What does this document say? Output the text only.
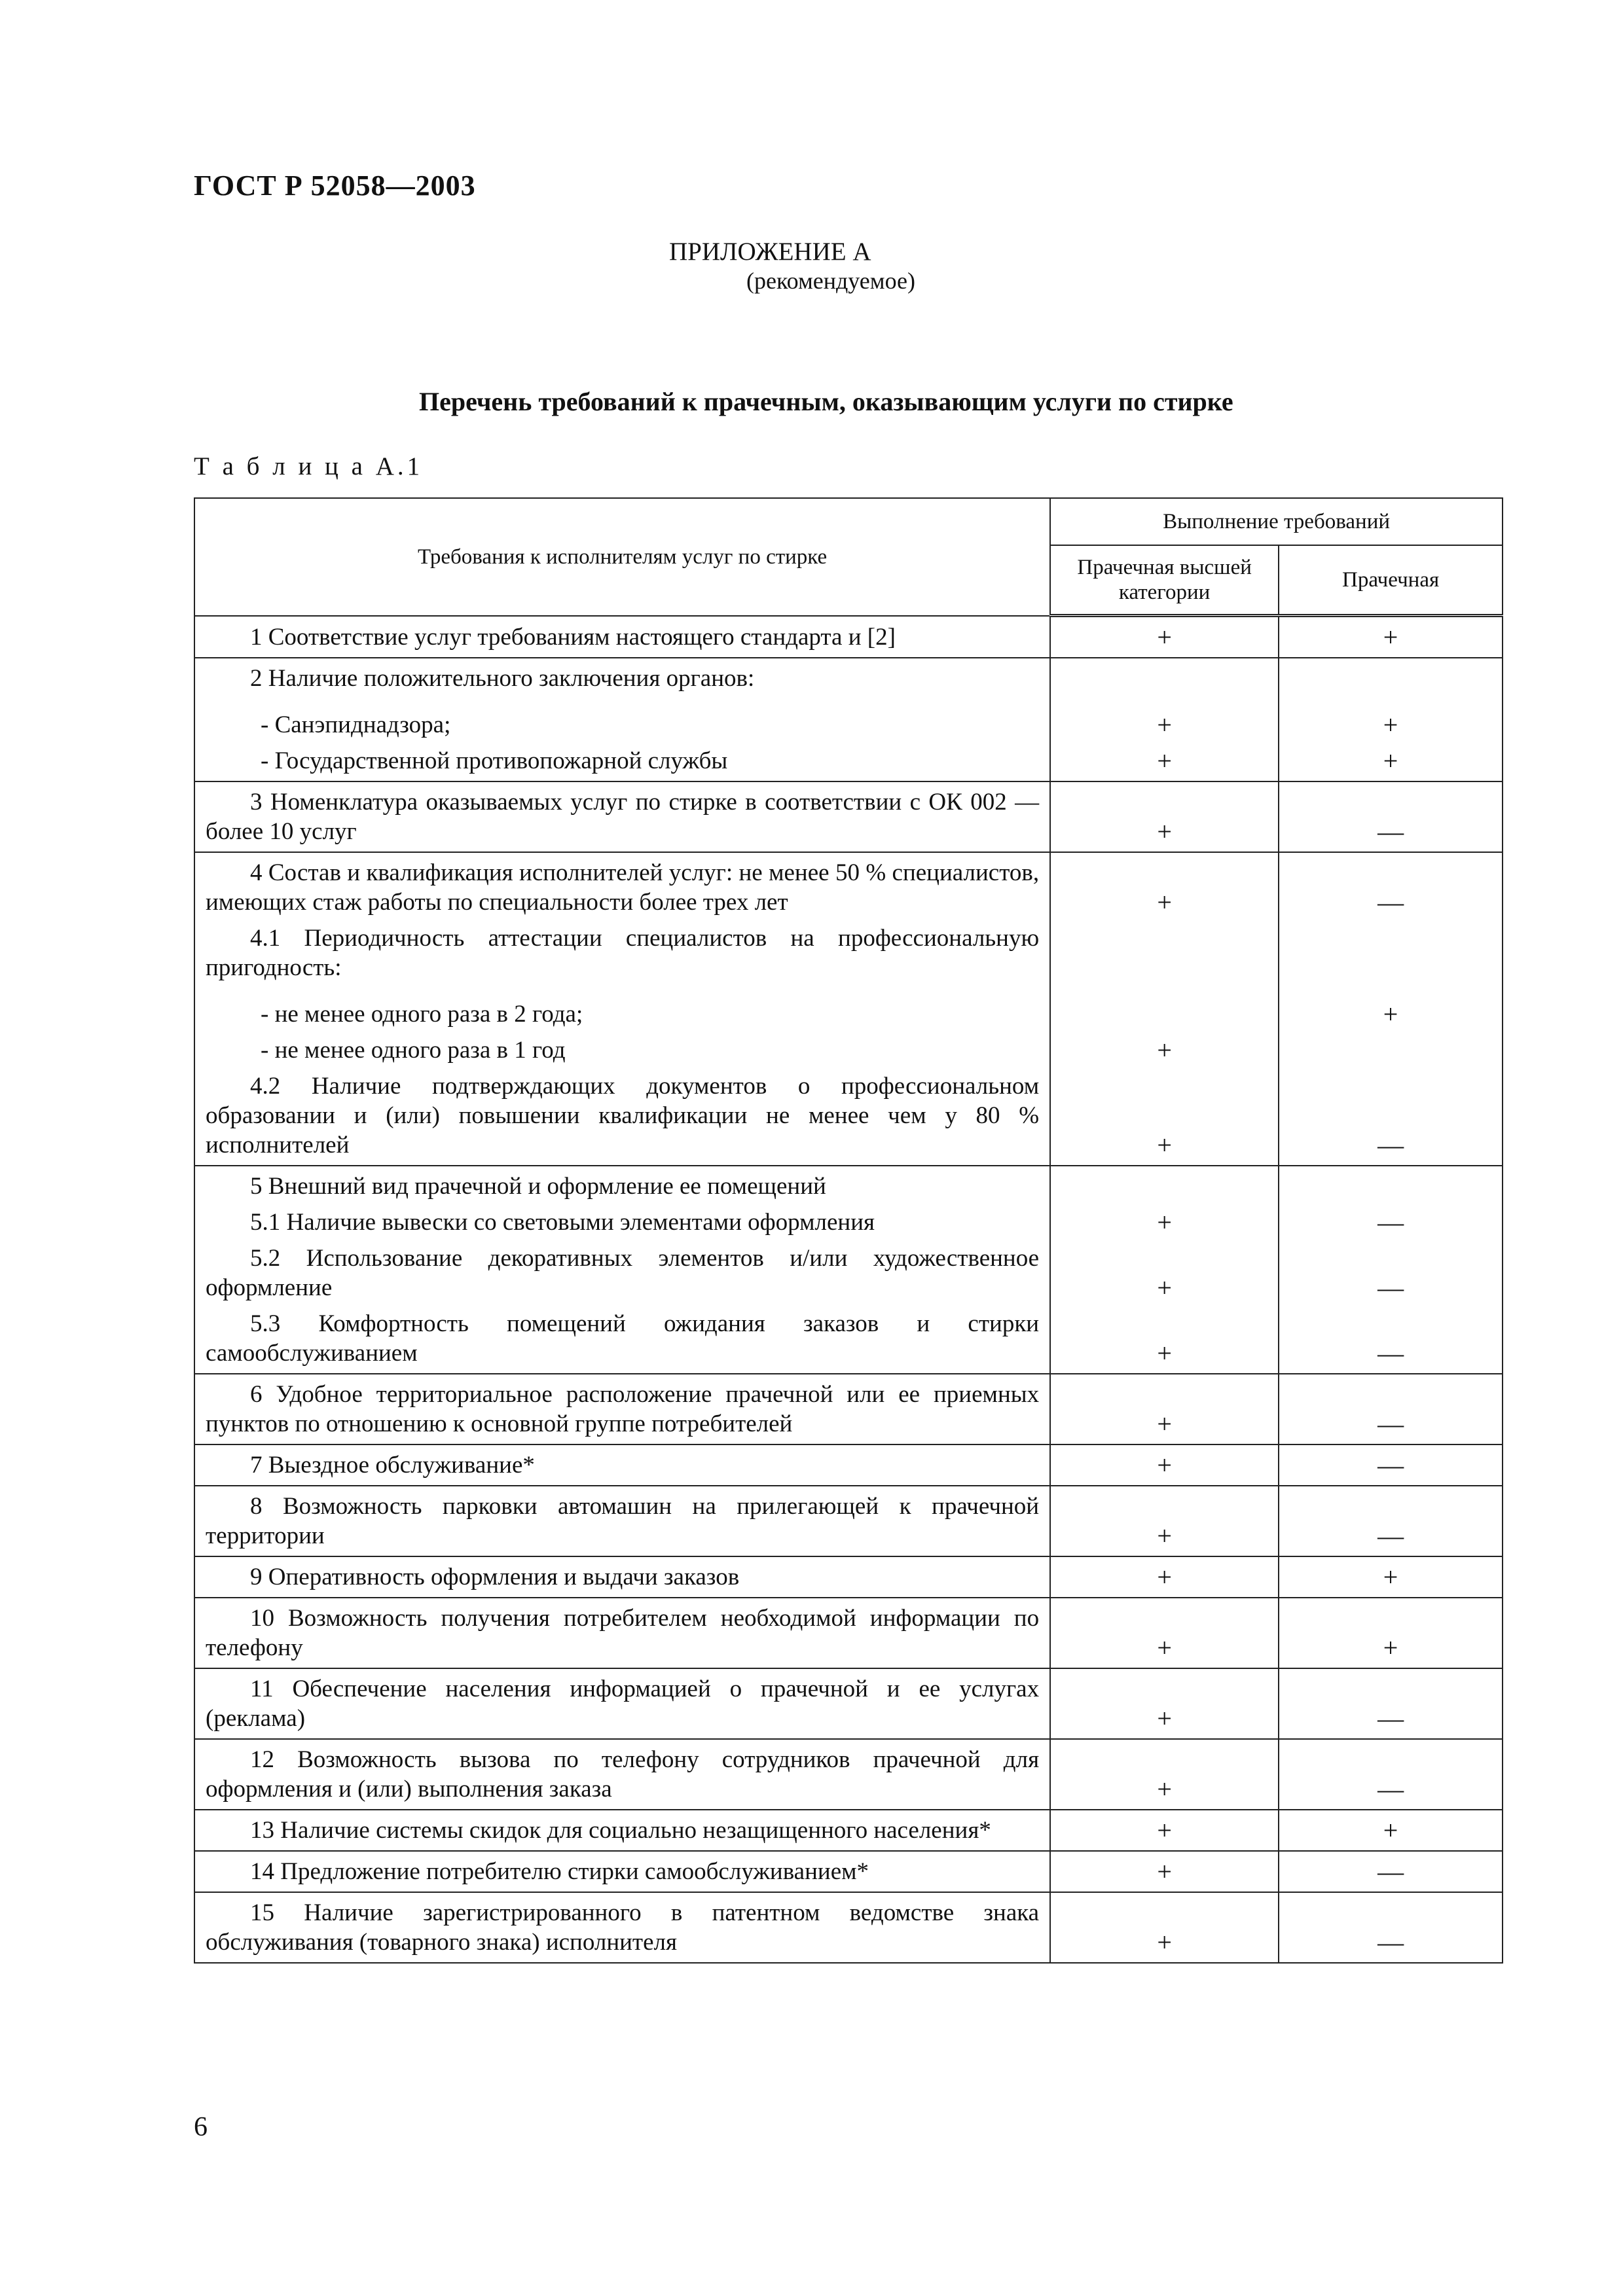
ГОСТ Р 52058—2003
ПРИЛОЖЕНИЕ А
(рекомендуемое)
Перечень требований к прачечным, оказывающим услуги по стирке
Т а б л и ц а А.1
Требования к исполнителям услуг по стирке	Выполнение требований	
	Прачечная высшей категории	Прачечная
1 Соответствие услуг требованиям настоящего стандарта и [2]	+	+
2 Наличие положительного заключения органов:		
- Санэпиднадзора;	+	+
- Государственной противопожарной службы	+	+
3 Номенклатура оказываемых услуг по стирке в соответствии с ОК 002 — более 10 услуг	+	—
4 Состав и квалификация исполнителей услуг: не менее 50 % специалистов, имеющих стаж работы по специальности более трех лет	+	—
4.1 Периодичность аттестации специалистов на профессиональную пригодность:		
- не менее одного раза в 2 года;		+
- не менее одного раза в 1 год	+	
4.2 Наличие подтверждающих документов о профессиональном образовании и (или) повышении квалификации не менее чем у 80 % исполнителей	+	—
5 Внешний вид прачечной и оформление ее помещений		
5.1 Наличие вывески со световыми элементами оформления	+	—
5.2 Использование декоративных элементов и/или художественное оформление	+	—
5.3 Комфортность помещений ожидания заказов и стирки самообслуживанием	+	—
6 Удобное территориальное расположение прачечной или ее приемных пунктов по отношению к основной группе потребителей	+	—
7 Выездное обслуживание*	+	—
8 Возможность парковки автомашин на прилегающей к прачечной территории	+	—
9 Оперативность оформления и выдачи заказов	+	+
10 Возможность получения потребителем необходимой информации по телефону	+	+
11 Обеспечение населения информацией о прачечной и ее услугах (реклама)	+	—
12 Возможность вызова по телефону сотрудников прачечной для оформления и (или) выполнения заказа	+	—
13 Наличие системы скидок для социально незащищенного населения*	+	+
14 Предложение потребителю стирки самообслуживанием*	+	—
15 Наличие зарегистрированного в патентном ведомстве знака обслуживания (товарного знака) исполнителя	+	—
6
